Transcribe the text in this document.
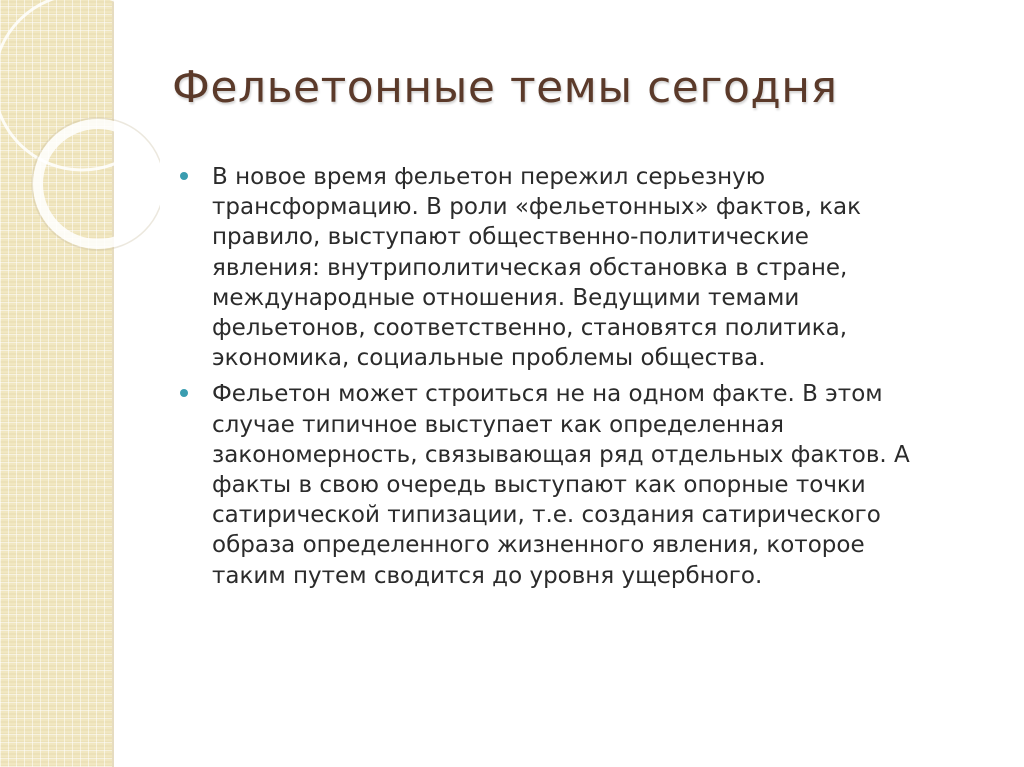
Фельетонные темы сегодня
В новое время фельетон пережил серьезную
трансформацию. В роли «фельетонных» фактов, как
правило, выступают общественно-политические
явления: внутриполитическая обстановка в стране,
международные отношения. Ведущими темами
фельетонов, соответственно, становятся политика,
экономика, социальные проблемы общества.
Фельетон может строиться не на одном факте. В этом
случае типичное выступает как определенная
закономерность, связывающая ряд отдельных фактов. А
факты в свою очередь выступают как опорные точки
сатирической типизации, т.е. создания сатирического
образа определенного жизненного явления, которое
таким путем сводится до уровня ущербного.
